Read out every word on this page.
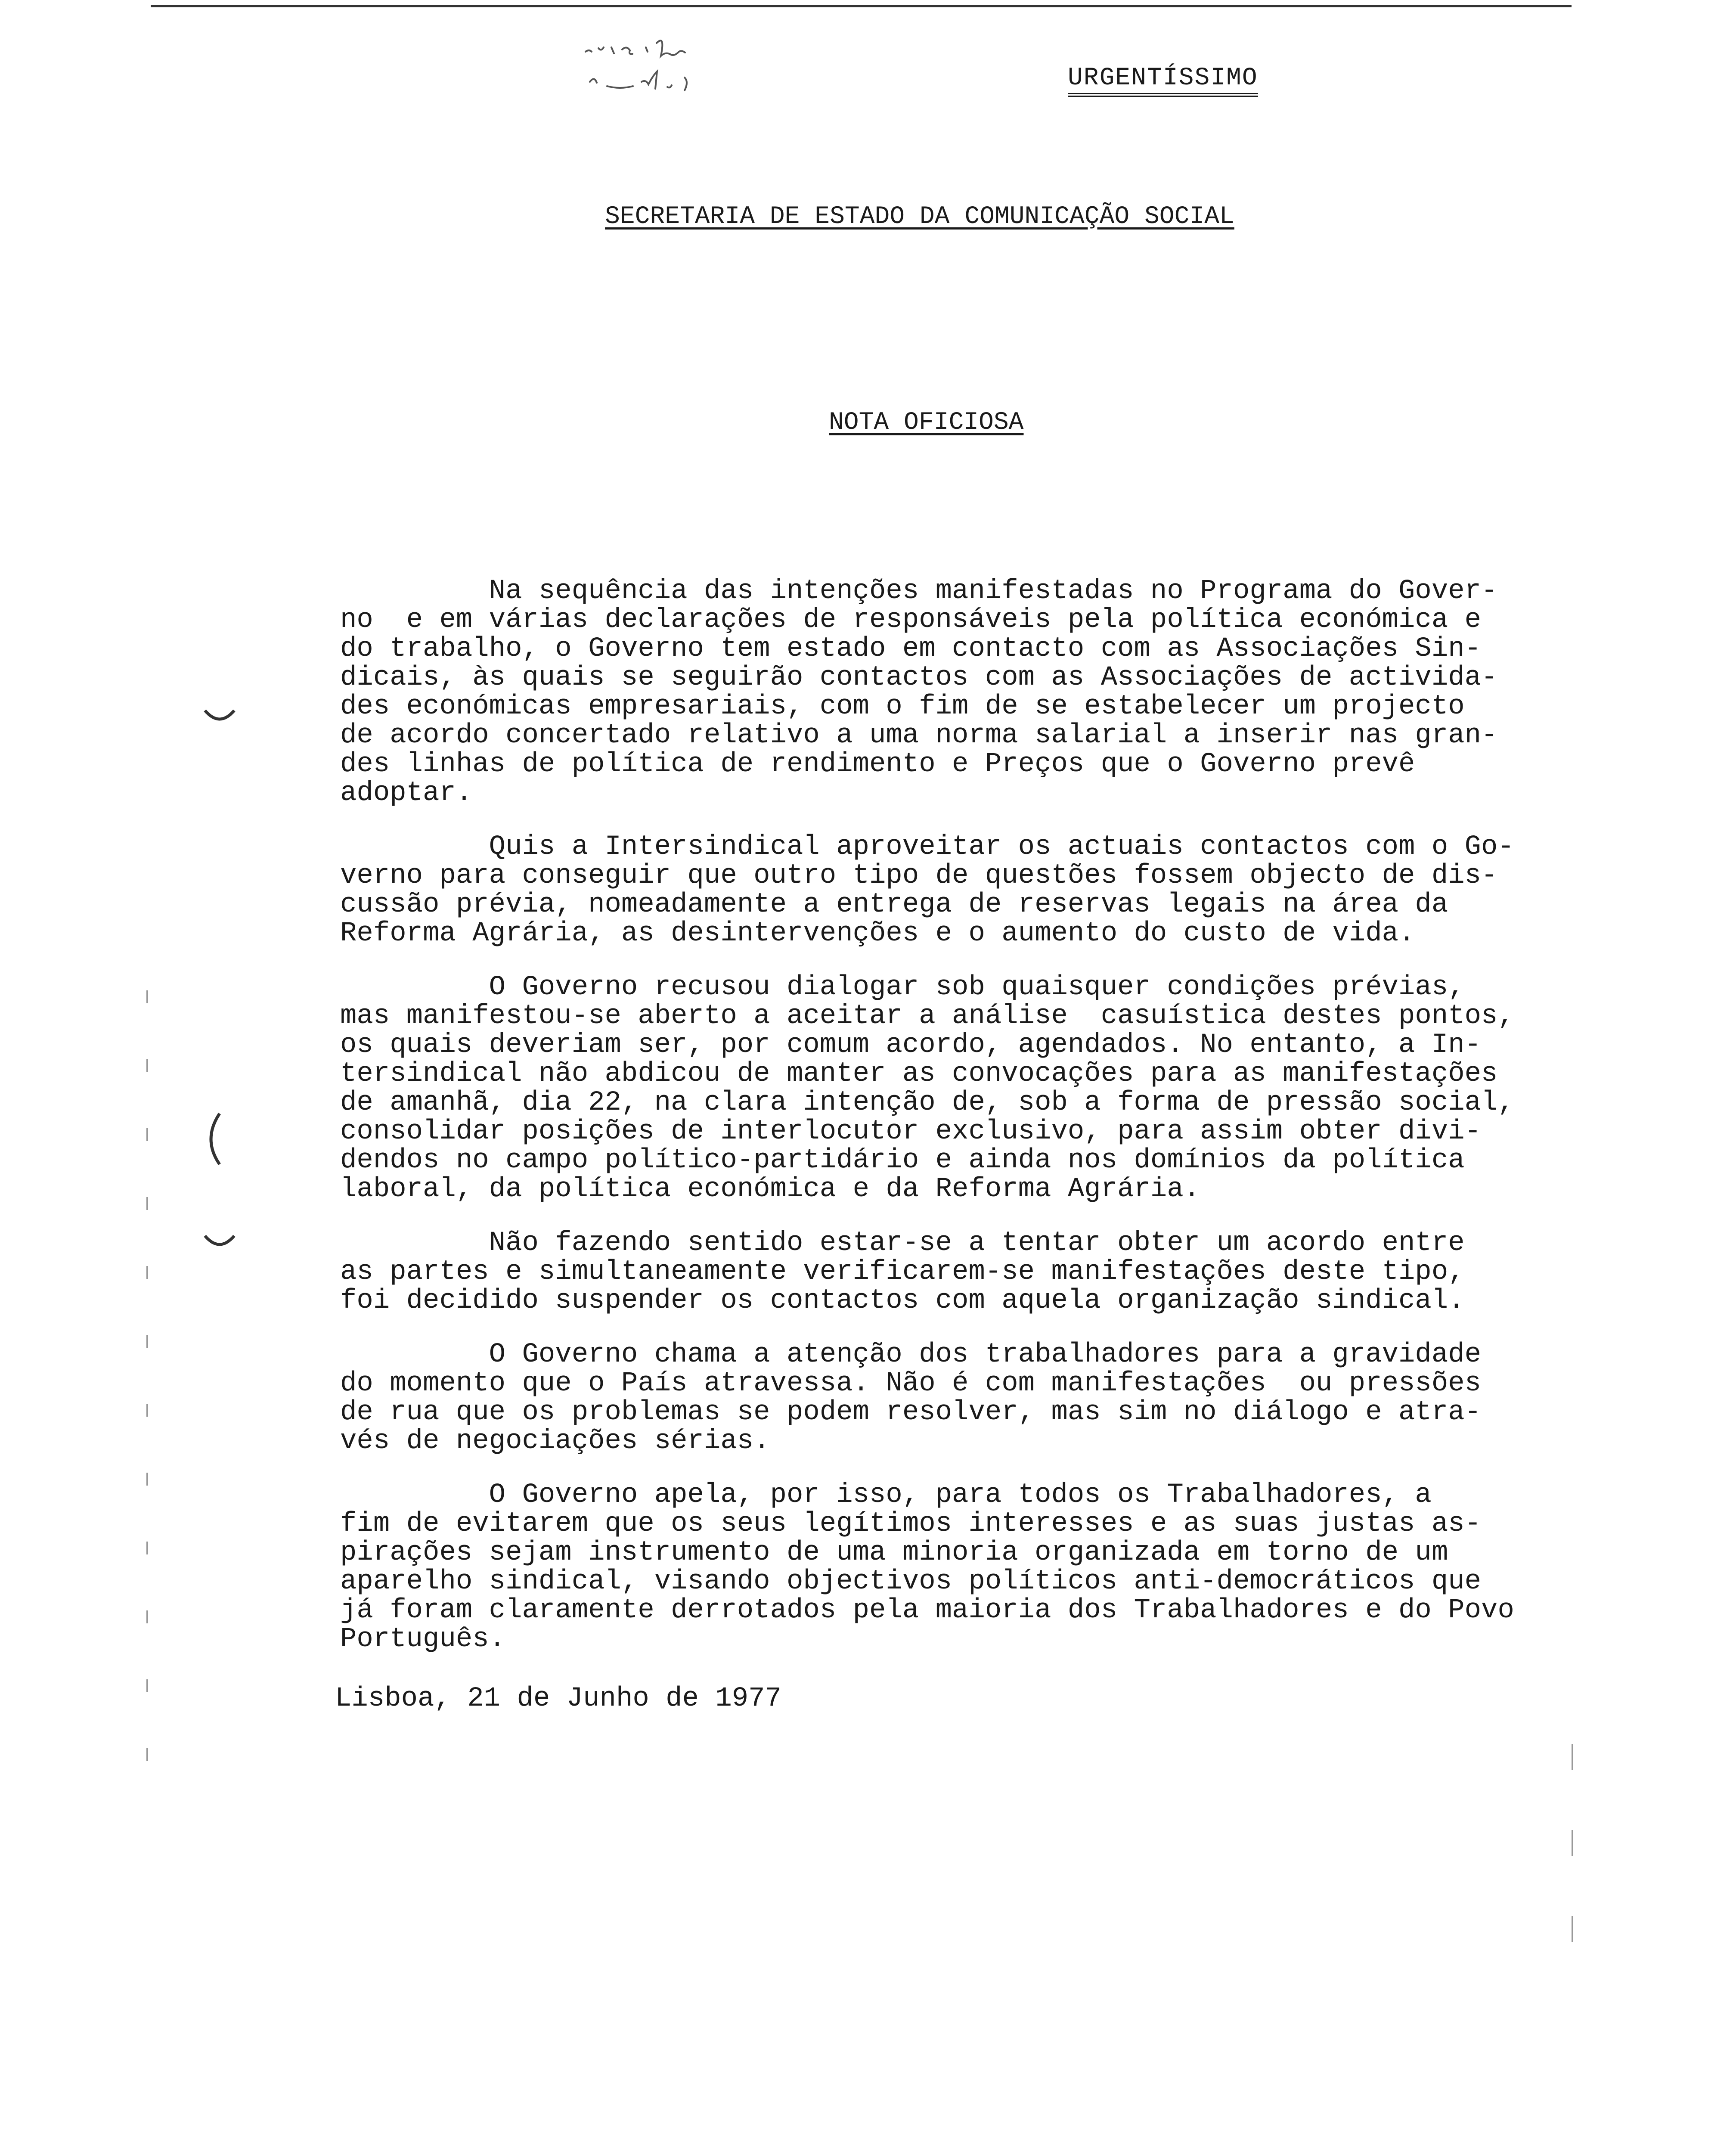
URGENTÍSSIMO
SECRETARIA DE ESTADO DA COMUNICAÇÃO SOCIAL
NOTA OFICIOSA
Na sequência das intenções manifestadas no Programa do Gover-
no  e em várias declarações de responsáveis pela política económica e
do trabalho, o Governo tem estado em contacto com as Associações Sin-
dicais, às quais se seguirão contactos com as Associações de activida-
des económicas empresariais, com o fim de se estabelecer um projecto
de acordo concertado relativo a uma norma salarial a inserir nas gran-
des linhas de política de rendimento e Preços que o Governo prevê
adoptar.
Quis a Intersindical aproveitar os actuais contactos com o Go-
verno para conseguir que outro tipo de questões fossem objecto de dis-
cussão prévia, nomeadamente a entrega de reservas legais na área da
Reforma Agrária, as desintervenções e o aumento do custo de vida.
O Governo recusou dialogar sob quaisquer condições prévias,
mas manifestou-se aberto a aceitar a análise  casuística destes pontos,
os quais deveriam ser, por comum acordo, agendados. No entanto, a In-
tersindical não abdicou de manter as convocações para as manifestações
de amanhã, dia 22, na clara intenção de, sob a forma de pressão social,
consolidar posições de interlocutor exclusivo, para assim obter divi-
dendos no campo político-partidário e ainda nos domínios da política
laboral, da política económica e da Reforma Agrária.
Não fazendo sentido estar-se a tentar obter um acordo entre
as partes e simultaneamente verificarem-se manifestações deste tipo,
foi decidido suspender os contactos com aquela organização sindical.
O Governo chama a atenção dos trabalhadores para a gravidade
do momento que o País atravessa. Não é com manifestações  ou pressões
de rua que os problemas se podem resolver, mas sim no diálogo e atra-
vés de negociações sérias.
O Governo apela, por isso, para todos os Trabalhadores, a
fim de evitarem que os seus legítimos interesses e as suas justas as-
pirações sejam instrumento de uma minoria organizada em torno de um
aparelho sindical, visando objectivos políticos anti-democráticos que
já foram claramente derrotados pela maioria dos Trabalhadores e do Povo
Português.
Lisboa, 21 de Junho de 1977
